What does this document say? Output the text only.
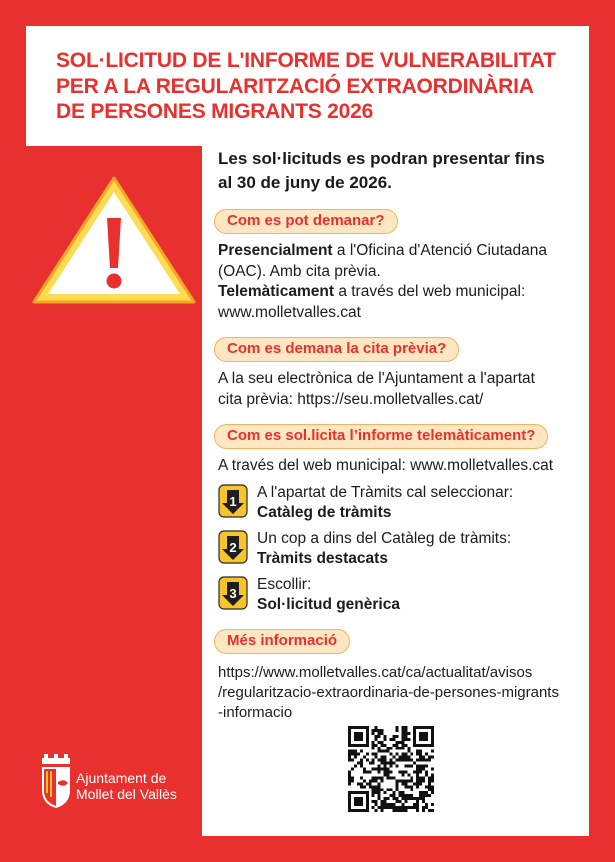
SOL·LICITUD DE L'INFORME DE VULNERABILITAT
PER A LA REGULARITZACIÓ EXTRAORDINÀRIA
DE PERSONES MIGRANTS 2026
Les sol·licituds es podran presentar fins
al 30 de juny de 2026.
Com es pot demanar?

Presencialment a l'Oficina d'Atenció Ciutadana

(OAC). Amb cita prèvia.

Telemàticament a través del web municipal:

www.molletvalles.cat

Com es demana la cita prèvia?

A la seu electrònica de l'Ajuntament a l'apartat

cita prèvia: https://seu.molletvalles.cat/

Com es sol.licita l’informe telemàticament?
A través del web municipal: www.molletvalles.cat
1
A l'apartat de Tràmits cal seleccionar:
Catàleg de tràmits
2
Un cop a dins del Catàleg de tràmits:
Tràmits destacats
3
Escollir:
Sol·licitud genèrica
Més informació
https://www.molletvalles.cat/ca/actualitat/avisos
/regularitzacio-extraordinaria-de-persones-migrants
-informacio
Ajuntament de
Mollet del Vallès
